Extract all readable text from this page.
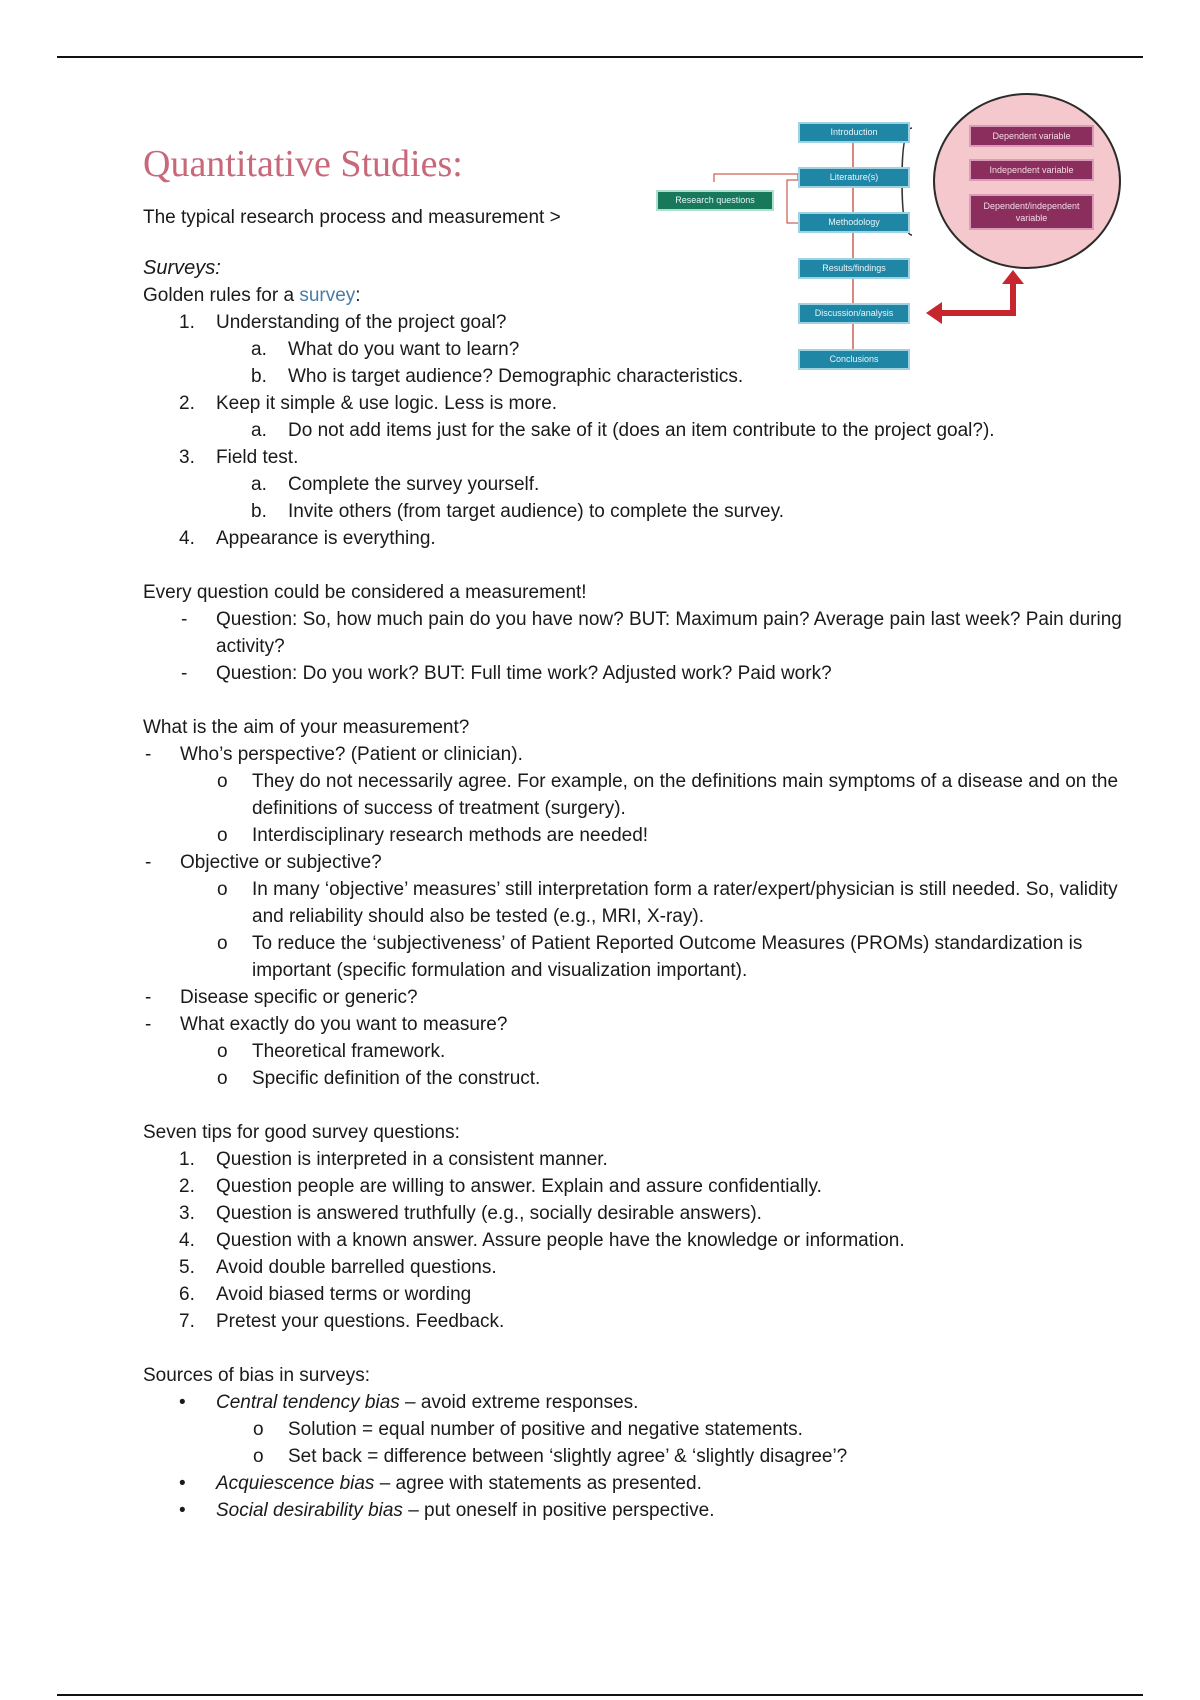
Introduction
Literature(s)
Research questions
Methodology
Results/findings
Discussion/analysis
Conclusions
Dependent variable
Independent variable
Dependent/independent variable
Quantitative Studies:
The typical research process and measurement >
Surveys:
Golden rules for a survey:
1. Understanding of the project goal?
a. What do you want to learn?
b. Who is target audience? Demographic characteristics.
2. Keep it simple & use logic. Less is more.
a. Do not add items just for the sake of it (does an item contribute to the project goal?).
3. Field test.
a. Complete the survey yourself.
b. Invite others (from target audience) to complete the survey.
4. Appearance is everything.
Every question could be considered a measurement!
- Question: So, how much pain do you have now? BUT: Maximum pain? Average pain last week? Pain during activity?
- Question: Do you work? BUT: Full time work? Adjusted work? Paid work?
What is the aim of your measurement?
- Who’s perspective? (Patient or clinician).
o They do not necessarily agree. For example, on the definitions main symptoms of a disease and on the definitions of success of treatment (surgery).
o Interdisciplinary research methods are needed!
- Objective or subjective?
o In many ‘objective’ measures’ still interpretation form a rater/expert/physician is still needed. So, validity and reliability should also be tested (e.g., MRI, X-ray).
o To reduce the ‘subjectiveness’ of Patient Reported Outcome Measures (PROMs) standardization is important (specific formulation and visualization important).
- Disease specific or generic?
- What exactly do you want to measure?
o Theoretical framework.
o Specific definition of the construct.
Seven tips for good survey questions:
1. Question is interpreted in a consistent manner.
2. Question people are willing to answer. Explain and assure confidentially.
3. Question is answered truthfully (e.g., socially desirable answers).
4. Question with a known answer. Assure people have the knowledge or information.
5. Avoid double barrelled questions.
6. Avoid biased terms or wording
7. Pretest your questions. Feedback.
Sources of bias in surveys:
• Central tendency bias – avoid extreme responses.
o Solution = equal number of positive and negative statements.
o Set back = difference between ‘slightly agree’ & ‘slightly disagree’?
• Acquiescence bias – agree with statements as presented.
• Social desirability bias – put oneself in positive perspective.
